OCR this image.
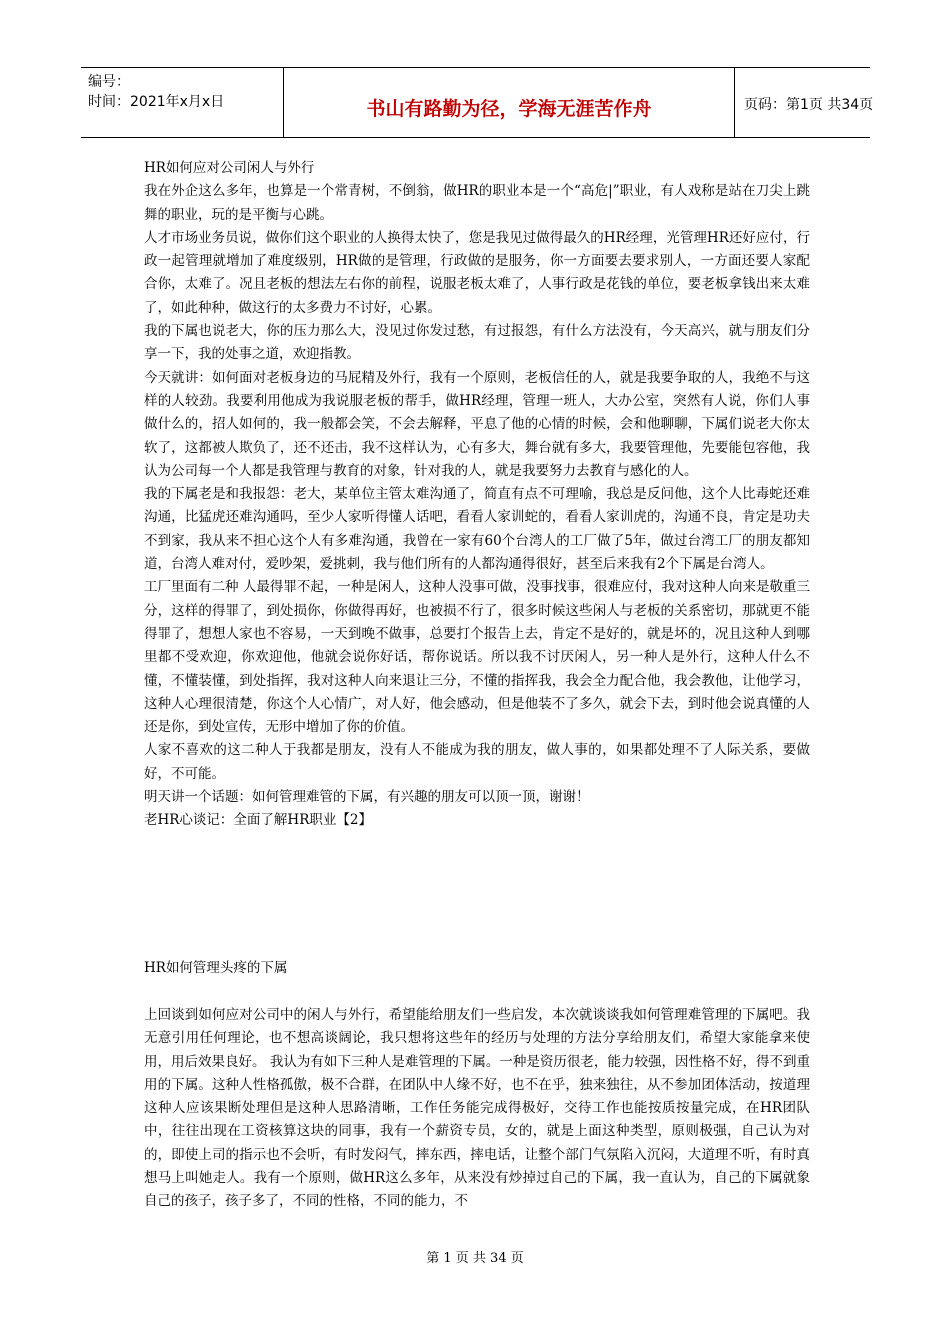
编号：
时间：2021年x月x日	书山有路勤为径，学海无涯苦作舟	页码：第1页 共34页

HR如何应对公司闲人与外行

我在外企这么多年，也算是一个常青树，不倒翁，做HR的职业本是一个“高危|”职业，有人戏称是站在刀尖上跳舞的职业，玩的是平衡与心跳。

人才市场业务员说，做你们这个职业的人换得太快了，您是我见过做得最久的HR经理，光管理HR还好应付，行政一起管理就增加了难度级别，HR做的是管理，行政做的是服务，你一方面要去要求别人，一方面还要人家配合你，太难了。况且老板的想法左右你的前程，说服老板太难了，人事行政是花钱的单位，要老板拿钱出来太难了，如此种种，做这行的太多费力不讨好，心累。

我的下属也说老大，你的压力那么大，没见过你发过愁，有过报怨，有什么方法没有，今天高兴，就与朋友们分享一下，我的处事之道，欢迎指教。

今天就讲：如何面对老板身边的马屁精及外行，我有一个原则，老板信任的人，就是我要争取的人，我绝不与这样的人较劲。我要利用他成为我说服老板的帮手，做HR经理，管理一班人，大办公室，突然有人说，你们人事做什么的，招人如何的，我一般都会笑，不会去解释，平息了他的心情的时候，会和他聊聊，下属们说老大你太软了，这都被人欺负了，还不还击，我不这样认为，心有多大，舞台就有多大，我要管理他，先要能包容他，我认为公司每一个人都是我管理与教育的对象，针对我的人，就是我要努力去教育与感化的人。

我的下属老是和我报怨：老大，某单位主管太难沟通了，简直有点不可理喻，我总是反问他，这个人比毒蛇还难沟通，比猛虎还难沟通吗，至少人家听得懂人话吧，看看人家训蛇的，看看人家训虎的，沟通不良，肯定是功夫不到家，我从来不担心这个人有多难沟通，我曾在一家有60个台湾人的工厂做了5年，做过台湾工厂的朋友都知道，台湾人难对付，爱吵架，爱挑刺，我与他们所有的人都沟通得很好，甚至后来我有2个下属是台湾人。

工厂里面有二种 人最得罪不起，一种是闲人，这种人没事可做，没事找事，很难应付，我对这种人向来是敬重三分，这样的得罪了，到处损你，你做得再好，也被损不行了，很多时候这些闲人与老板的关系密切，那就更不能得罪了，想想人家也不容易，一天到晚不做事，总要打个报告上去，肯定不是好的，就是坏的，况且这种人到哪里都不受欢迎，你欢迎他，他就会说你好话，帮你说话。所以我不讨厌闲人，另一种人是外行，这种人什么不懂，不懂装懂，到处指挥，我对这种人向来退让三分，不懂的指挥我，我会全力配合他，我会教他，让他学习，这种人心理很清楚，你这个人心情广，对人好，他会感动，但是他装不了多久，就会下去，到时他会说真懂的人还是你，到处宣传，无形中增加了你的价值。

人家不喜欢的这二种人于我都是朋友，没有人不能成为我的朋友，做人事的，如果都处理不了人际关系，要做好，不可能。

明天讲一个话题：如何管理难管的下属，有兴趣的朋友可以顶一顶，谢谢！

老HR心谈记：全面了解HR职业【2】

HR如何管理头疼的下属

上回谈到如何应对公司中的闲人与外行，希望能给朋友们一些启发，本次就谈谈我如何管理难管理的下属吧。我无意引用任何理论，也不想高谈阔论，我只想将这些年的经历与处理的方法分享给朋友们，希望大家能拿来使用，用后效果良好。 我认为有如下三种人是难管理的下属。一种是资历很老，能力较强，因性格不好，得不到重用的下属。这种人性格孤傲，极不合群，在团队中人缘不好，也不在乎，独来独往，从不参加团体活动，按道理这种人应该果断处理但是这种人思路清晰，工作任务能完成得极好，交待工作也能按质按量完成，在HR团队中，往往出现在工资核算这块的同事，我有一个薪资专员，女的，就是上面这种类型，原则极强，自己认为对的，即使上司的指示也不会听，有时发闷气，摔东西，摔电话，让整个部门气氛陷入沉闷，大道理不听，有时真想马上叫她走人。我有一个原则，做HR这么多年，从来没有炒掉过自己的下属，我一直认为，自己的下属就象自己的孩子，孩子多了，不同的性格，不同的能力，不

第 1 页 共 34 页
